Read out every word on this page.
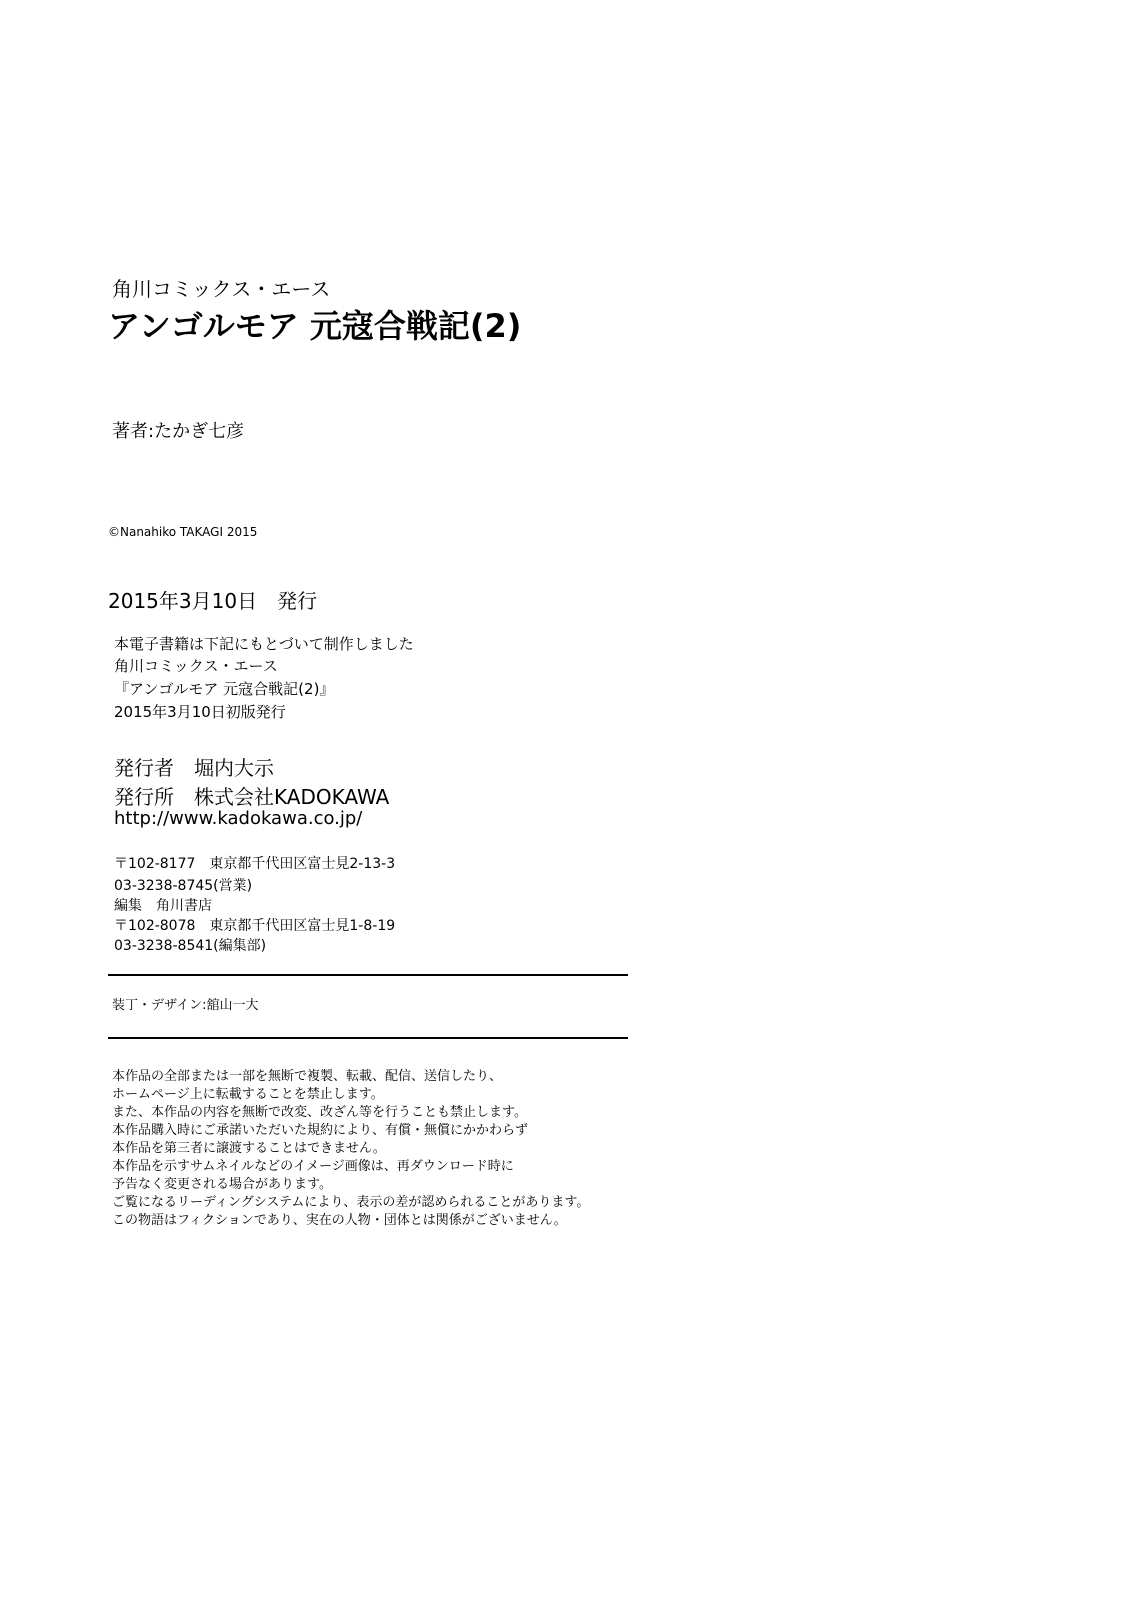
角川コミックス・エース
アンゴルモア 元寇合戦記(2)
著者:たかぎ七彦
©Nanahiko TAKAGI 2015
2015年3月10日　発行
本電子書籍は下記にもとづいて制作しました
角川コミックス・エース
『アンゴルモア 元寇合戦記(2)』
2015年3月10日初版発行
発行者　堀内大示
発行所　株式会社KADOKAWA
http://www.kadokawa.co.jp/
〒102-8177　東京都千代田区富士見2-13-3
03-3238-8745(営業)
編集　角川書店
〒102-8078　東京都千代田区富士見1-8-19
03-3238-8541(編集部)
装丁・デザイン:舘山一大
本作品の全部または一部を無断で複製、転載、配信、送信したり、
ホームページ上に転載することを禁止します。
また、本作品の内容を無断で改変、改ざん等を行うことも禁止します。
本作品購入時にご承諾いただいた規約により、有償・無償にかかわらず
本作品を第三者に譲渡することはできません。
本作品を示すサムネイルなどのイメージ画像は、再ダウンロード時に
予告なく変更される場合があります。
ご覧になるリーディングシステムにより、表示の差が認められることがあります。
この物語はフィクションであり、実在の人物・団体とは関係がございません。
